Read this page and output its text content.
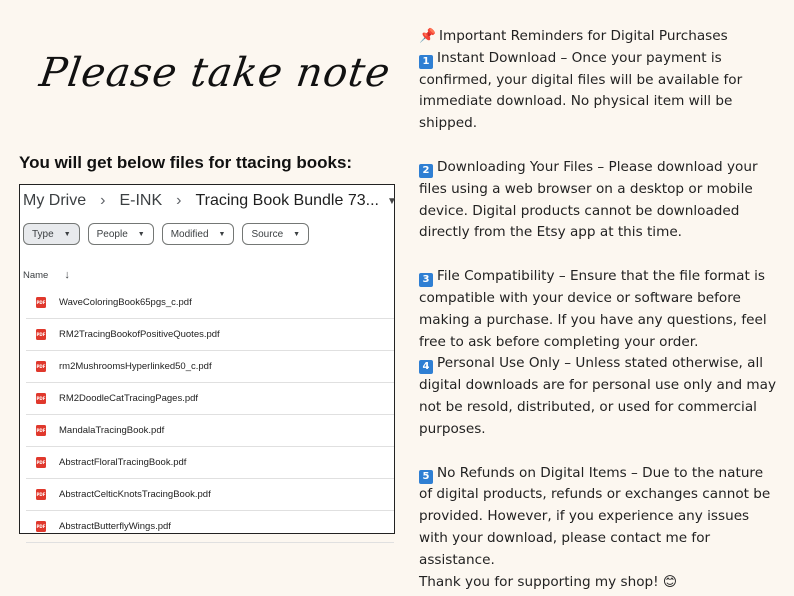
Please take note
You will get below files for ttacing books:
My Drive › E-INK › Tracing Book Bundle 73... ▼
Type ▼	People ▼	Modified ▼	Source ▼
Name ↓
PDF WaveColoringBook65pgs_c.pdf
PDF RM2TracingBookofPositiveQuotes.pdf
PDF rm2MushroomsHyperlinked50_c.pdf
PDF RM2DoodleCatTracingPages.pdf
PDF MandalaTracingBook.pdf
PDF AbstractFloralTracingBook.pdf
PDF AbstractCelticKnotsTracingBook.pdf
PDF AbstractButterflyWings.pdf

📌 Important Reminders for Digital Purchases

1 Instant Download – Once your payment is confirmed, your digital files will be available for immediate download. No physical item will be shipped.

2 Downloading Your Files – Please download your files using a web browser on a desktop or mobile device. Digital products cannot be downloaded directly from the Etsy app at this time.

3 File Compatibility – Ensure that the file format is compatible with your device or software before making a purchase. If you have any questions, feel free to ask before completing your order.

4 Personal Use Only – Unless stated otherwise, all digital downloads are for personal use only and may not be resold, distributed, or used for commercial purposes.

5 No Refunds on Digital Items – Due to the nature of digital products, refunds or exchanges cannot be provided. However, if you experience any issues with your download, please contact me for assistance.

Thank you for supporting my shop! 😊
